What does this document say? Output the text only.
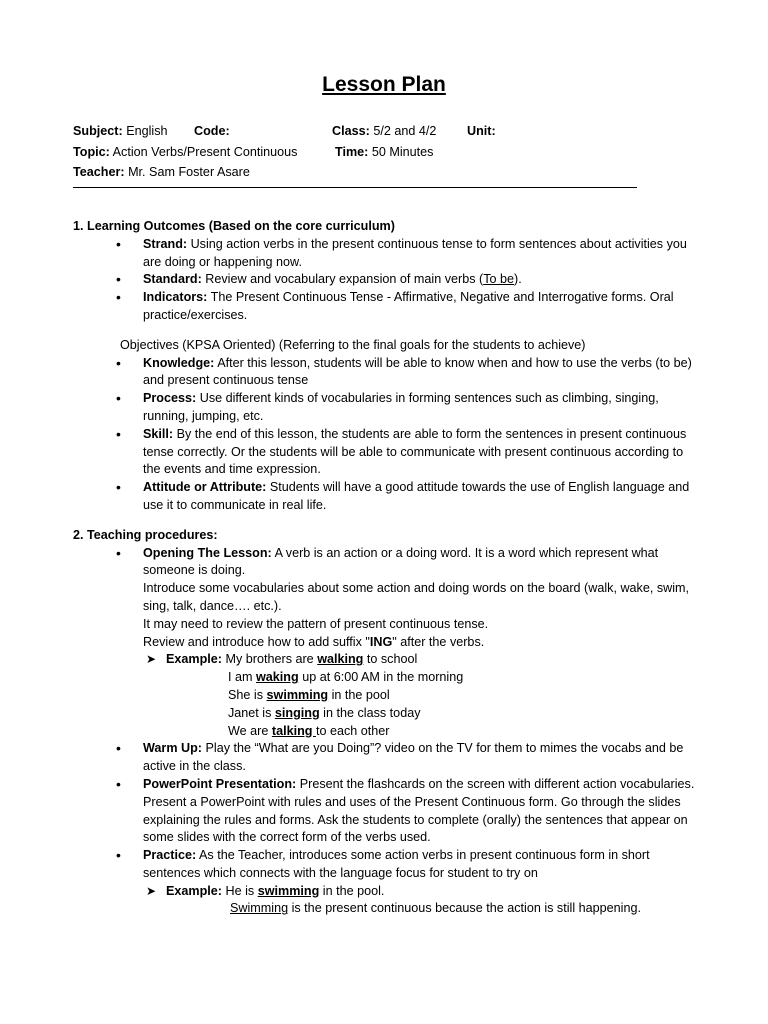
Lesson Plan
Subject: English Code:	Class: 5/2 and 4/2 Unit:
Topic: Action Verbs/Present Continuous	Time: 50 Minutes
Teacher: Mr. Sam Foster Asare
1. Learning Outcomes (Based on the core curriculum)
• Strand: Using action verbs in the present continuous tense to form sentences about activities you are doing or happening now.
• Standard: Review and vocabulary expansion of main verbs (To be).
• Indicators: The Present Continuous Tense - Affirmative, Negative and Interrogative forms. Oral practice/exercises.
Objectives (KPSA Oriented) (Referring to the final goals for the students to achieve)
• Knowledge: After this lesson, students will be able to know when and how to use the verbs (to be) and present continuous tense
• Process: Use different kinds of vocabularies in forming sentences such as climbing, singing, running, jumping, etc.
• Skill: By the end of this lesson, the students are able to form the sentences in present continuous tense correctly. Or the students will be able to communicate with present continuous according to the events and time expression.
• Attitude or Attribute: Students will have a good attitude towards the use of English language and use it to communicate in real life.
2. Teaching procedures:
• Opening The Lesson: A verb is an action or a doing word. It is a word which represent what someone is doing.
Introduce some vocabularies about some action and doing words on the board (walk, wake, swim, sing, talk, dance…. etc.).
It may need to review the pattern of present continuous tense.
Review and introduce how to add suffix "ING" after the verbs.
➤ Example: My brothers are walking to school
I am waking up at 6:00 AM in the morning
She is swimming in the pool
Janet is singing in the class today
We are talking to each other
• Warm Up: Play the “What are you Doing”? video on the TV for them to mimes the vocabs and be active in the class.
• PowerPoint Presentation: Present the flashcards on the screen with different action vocabularies. Present a PowerPoint with rules and uses of the Present Continuous form. Go through the slides explaining the rules and forms. Ask the students to complete (orally) the sentences that appear on some slides with the correct form of the verbs used.
• Practice: As the Teacher, introduces some action verbs in present continuous form in short sentences which connects with the language focus for student to try on
➤ Example: He is swimming in the pool.
Swimming is the present continuous because the action is still happening.
